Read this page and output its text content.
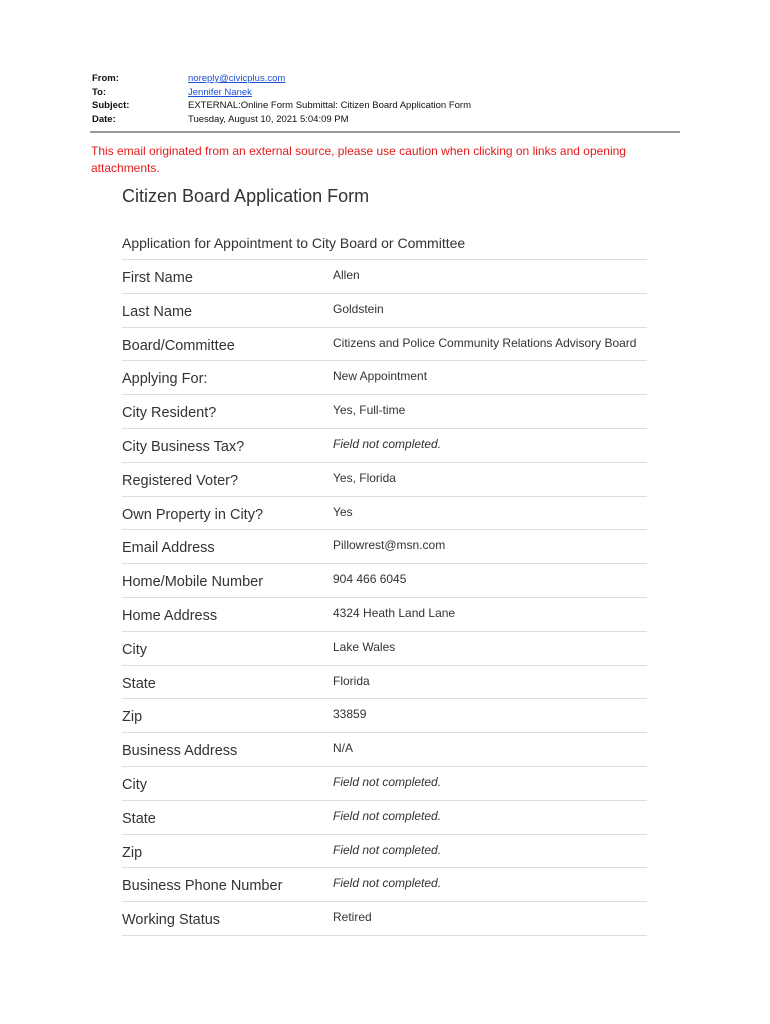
From:	noreply@civicplus.com
To:	Jennifer Nanek
Subject:	EXTERNAL:Online Form Submittal: Citizen Board Application Form
Date:	Tuesday, August 10, 2021 5:04:09 PM
This email originated from an external source, please use caution when clicking on links and opening attachments.
Citizen Board Application Form
Application for Appointment to City Board or Committee
First Name	Allen
Last Name	Goldstein
Board/Committee	Citizens and Police Community Relations Advisory Board
Applying For:	New Appointment
City Resident?	Yes, Full-time
City Business Tax?	Field not completed.
Registered Voter?	Yes, Florida
Own Property in City?	Yes
Email Address	Pillowrest@msn.com
Home/Mobile Number	904 466 6045
Home Address	4324 Heath Land Lane
City	Lake Wales
State	Florida
Zip	33859
Business Address	N/A
City	Field not completed.
State	Field not completed.
Zip	Field not completed.
Business Phone Number	Field not completed.
Working Status	Retired
